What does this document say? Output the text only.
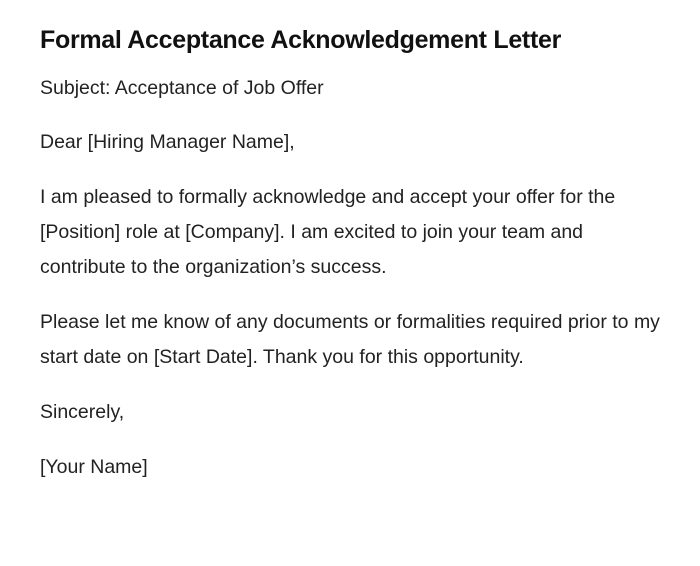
Formal Acceptance Acknowledgement Letter

Subject: Acceptance of Job Offer

Dear [Hiring Manager Name],

I am pleased to formally acknowledge and accept your offer for the [Position] role at [Company]. I am excited to join your team and contribute to the organization’s success.

Please let me know of any documents or formalities required prior to my start date on [Start Date]. Thank you for this opportunity.

Sincerely,

[Your Name]
